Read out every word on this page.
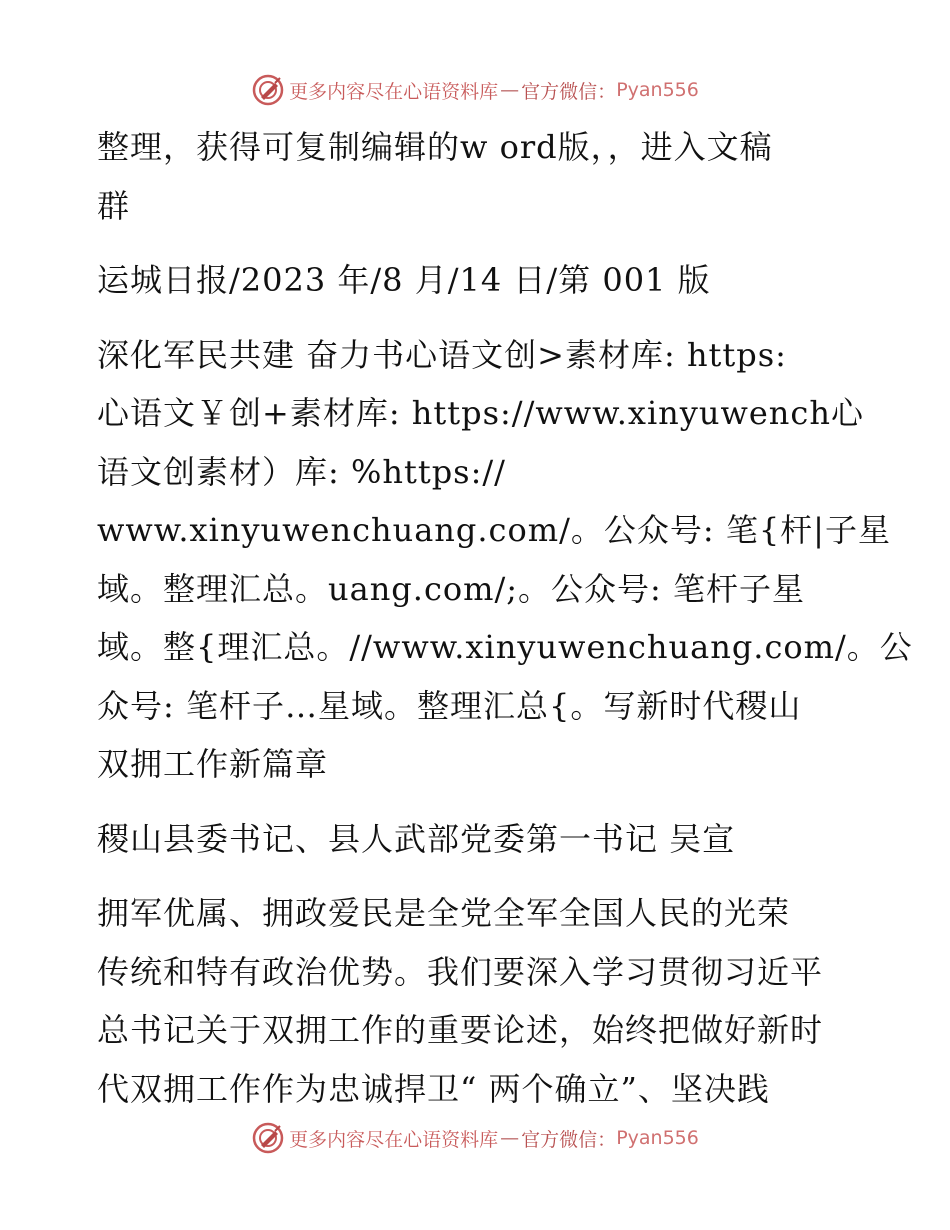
更多内容尽在心语资料库 — 官方微信： Pyan556

整理，获得可复制编辑的w ord版，，进入文稿
群

运城日报/2023 年/8 月/14 日/第 001 版

深化军民共建 奋力书心语文创>素材库: https:
心语文￥创+素材库: https://www.xinyuwench心
语文创素材）库: %https://
www.xinyuwenchuang.com/。公众号: 笔{杆|子星
域。整理汇总。uang.com/;。公众号: 笔杆子星
域。整{理汇总。//www.xinyuwenchuang.com/。公
众号: 笔杆子…星域。整理汇总{。写新时代稷山
双拥工作新篇章

稷山县委书记、县人武部党委第一书记 吴宣

拥军优属、拥政爱民是全党全军全国人民的光荣
传统和特有政治优势。我们要深入学习贯彻习近平
总书记关于双拥工作的重要论述，始终把做好新时
代双拥工作作为忠诚捍卫“ 两个确立”、坚决践

更多内容尽在心语资料库 — 官方微信： Pyan556
